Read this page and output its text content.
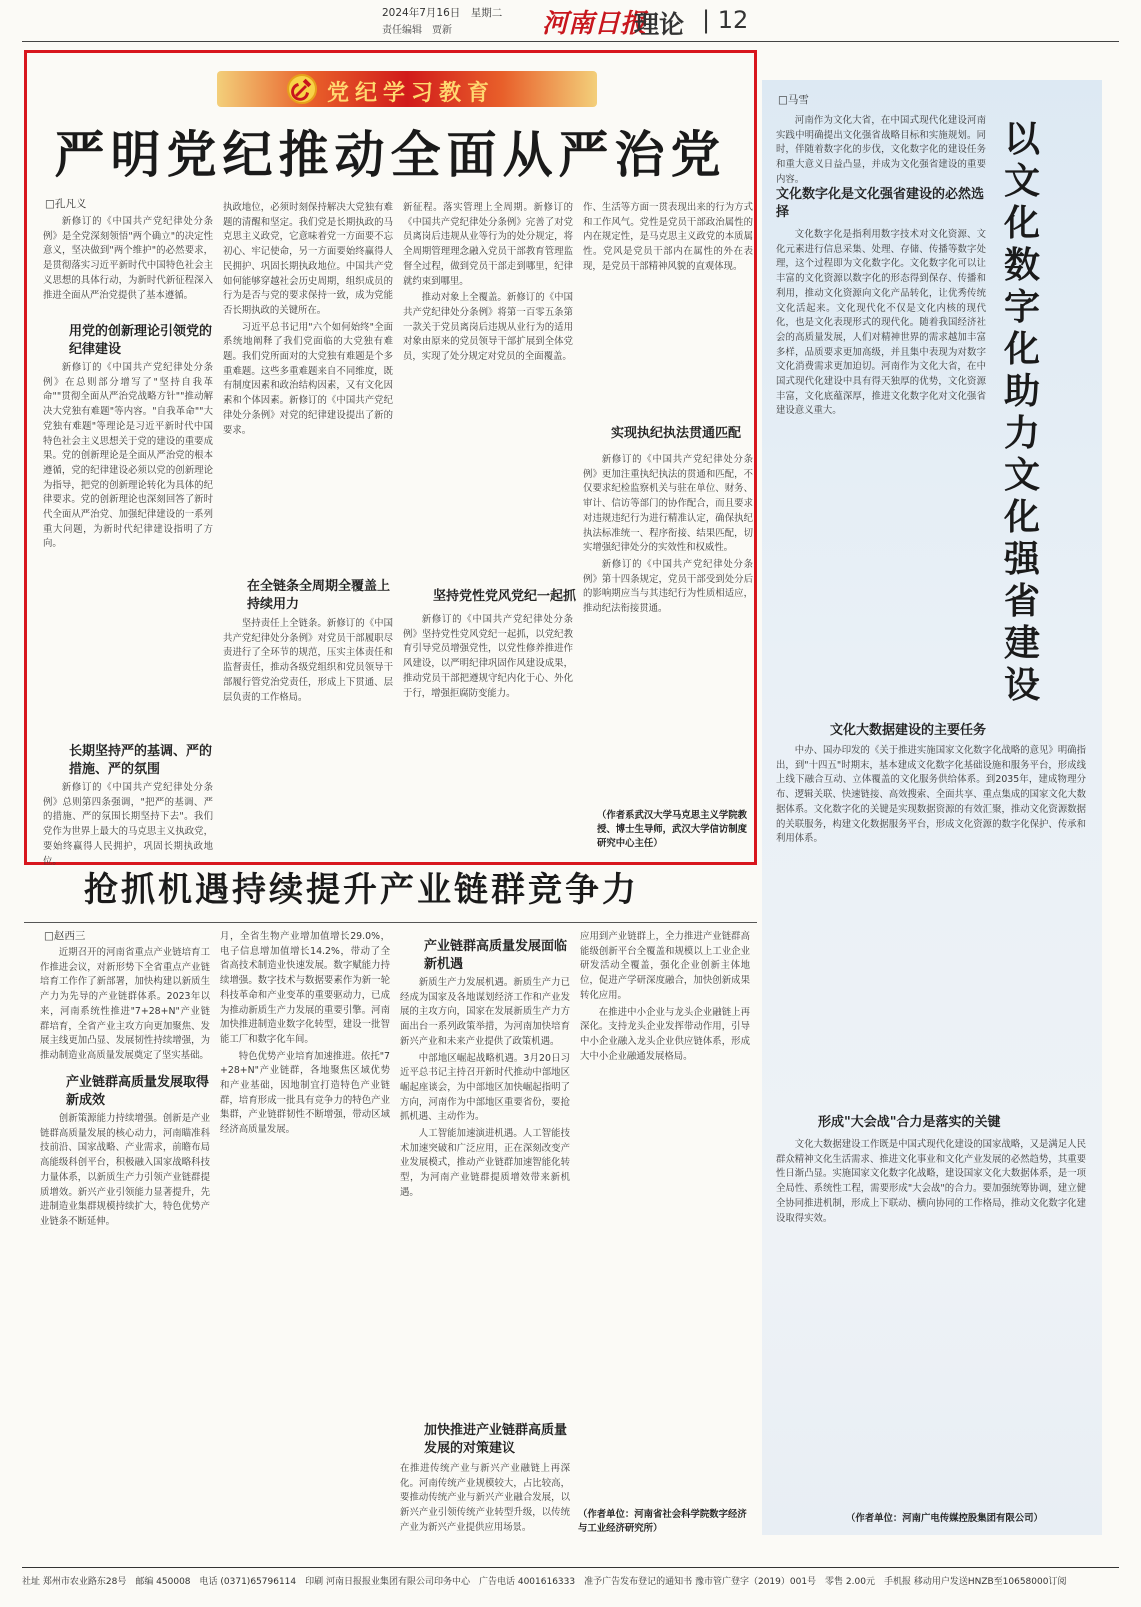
2024年7月16日　星期二
责任编辑　贾新	河南日报
理论 | 12
党纪学习教育
严明党纪推动全面从严治党
□孔凡义

新修订的《中国共产党纪律处分条例》是全党深刻领悟"两个确立"的决定性意义，坚决做到"两个维护"的必然要求，是贯彻落实习近平新时代中国特色社会主义思想的具体行动，为新时代新征程深入推进全面从严治党提供了基本遵循。

用党的创新理论引领党的纪律建设

新修订的《中国共产党纪律处分条例》在总则部分增写了"坚持自我革命""贯彻全面从严治党战略方针""推动解决大党独有难题"等内容。"自我革命""大党独有难题"等理论是习近平新时代中国特色社会主义思想关于党的建设的重要成果。党的创新理论是全面从严治党的根本遵循，党的纪律建设必须以党的创新理论为指导，把党的创新理论转化为具体的纪律要求。党的创新理论也深刻回答了新时代全面从严治党、加强纪律建设的一系列重大问题，为新时代纪律建设指明了方向。

长期坚持严的基调、严的措施、严的氛围

新修订的《中国共产党纪律处分条例》总则第四条强调，"把严的基调、严的措施、严的氛围长期坚持下去"。我们党作为世界上最大的马克思主义执政党，要始终赢得人民拥护，巩固长期执政地位。

执政地位，必须时刻保持解决大党独有难题的清醒和坚定。我们党是长期执政的马克思主义政党，它意味着党一方面要不忘初心、牢记使命，另一方面要始终赢得人民拥护、巩固长期执政地位。中国共产党如何能够穿越社会历史周期，组织成员的行为是否与党的要求保持一致，成为党能否长期执政的关键所在。

习近平总书记用"六个如何始终"全面系统地阐释了我们党面临的大党独有难题。我们党所面对的大党独有难题是个多重难题。这些多重难题来自不同维度，既有制度因素和政治结构因素，又有文化因素和个体因素。新修订的《中国共产党纪律处分条例》对党的纪律建设提出了新的要求。

在全链条全周期全覆盖上持续用力

坚持责任上全链条。新修订的《中国共产党纪律处分条例》对党员干部履职尽责进行了全环节的规范，压实主体责任和监督责任，推动各级党组织和党员领导干部履行管党治党责任，形成上下贯通、层层负责的工作格局。

新征程。落实管理上全周期。新修订的《中国共产党纪律处分条例》完善了对党员离岗后违规从业等行为的处分规定，将全周期管理理念融入党员干部教育管理监督全过程，做到党员干部走到哪里，纪律就约束到哪里。

推动对象上全覆盖。新修订的《中国共产党纪律处分条例》将第一百零五条第一款关于党员离岗后违规从业行为的适用对象由原来的党员领导干部扩展到全体党员，实现了处分规定对党员的全面覆盖。

坚持党性党风党纪一起抓

新修订的《中国共产党纪律处分条例》坚持党性党风党纪一起抓，以党纪教育引导党员增强党性，以党性修养推进作风建设，以严明纪律巩固作风建设成果，推动党员干部把遵规守纪内化于心、外化于行，增强拒腐防变能力。

作、生活等方面一贯表现出来的行为方式和工作风气。党性是党员干部政治属性的内在规定性，是马克思主义政党的本质属性。党风是党员干部内在属性的外在表现，是党员干部精神风貌的直观体现。

实现执纪执法贯通匹配

新修订的《中国共产党纪律处分条例》更加注重执纪执法的贯通和匹配，不仅要求纪检监察机关与驻在单位、财务、审计、信访等部门的协作配合，而且要求对违规违纪行为进行精准认定，确保执纪执法标准统一、程序衔接、结果匹配，切实增强纪律处分的实效性和权威性。

新修订的《中国共产党纪律处分条例》第十四条规定，党员干部受到处分后的影响期应当与其违纪行为性质相适应，推动纪法衔接贯通。

（作者系武汉大学马克思主义学院教授、博士生导师，武汉大学信访制度研究中心主任）
抢抓机遇持续提升产业链群竞争力
□赵西三

近期召开的河南省重点产业链培育工作推进会议，对新形势下全省重点产业链培育工作作了新部署，加快构建以新质生产力为先导的产业链群体系。2023年以来，河南系统性推进"7+28+N"产业链群培育，全省产业主攻方向更加聚焦、发展主线更加凸显、发展韧性持续增强，为推动制造业高质量发展奠定了坚实基础。

产业链群高质量发展取得新成效

创新策源能力持续增强。创新是产业链群高质量发展的核心动力，河南瞄准科技前沿、国家战略、产业需求，前瞻布局高能级科创平台，积极融入国家战略科技力量体系，以新质生产力引领产业链群提质增效。新兴产业引领能力显著提升，先进制造业集群规模持续扩大，特色优势产业链条不断延伸。

月，全省生物产业增加值增长29.0%，电子信息增加值增长14.2%，带动了全省高技术制造业快速发展。数字赋能力持续增强。数字技术与数据要素作为新一轮科技革命和产业变革的重要驱动力，已成为推动新质生产力发展的重要引擎。河南加快推进制造业数字化转型，建设一批智能工厂和数字化车间。

特色优势产业培育加速推进。依托"7+28+N"产业链群，各地聚焦区域优势和产业基础，因地制宜打造特色产业链群，培育形成一批具有竞争力的特色产业集群，产业链群韧性不断增强，带动区域经济高质量发展。

产业链群高质量发展面临新机遇

新质生产力发展机遇。新质生产力已经成为国家及各地谋划经济工作和产业发展的主攻方向，国家在发展新质生产力方面出台一系列政策举措，为河南加快培育新兴产业和未来产业提供了政策机遇。

中部地区崛起战略机遇。3月20日习近平总书记主持召开新时代推动中部地区崛起座谈会，为中部地区加快崛起指明了方向，河南作为中部地区重要省份，要抢抓机遇、主动作为。

人工智能加速演进机遇。人工智能技术加速突破和广泛应用，正在深刻改变产业发展模式，推动产业链群加速智能化转型，为河南产业链群提质增效带来新机遇。

加快推进产业链群高质量发展的对策建议

在推进传统产业与新兴产业融链上再深化。河南传统产业规模较大，占比较高，要推动传统产业与新兴产业融合发展，以新兴产业引领传统产业转型升级，以传统产业为新兴产业提供应用场景。

应用到产业链群上，全力推进产业链群高能级创新平台全覆盖和规模以上工业企业研发活动全覆盖，强化企业创新主体地位，促进产学研深度融合，加快创新成果转化应用。

在推进中小企业与龙头企业融链上再深化。支持龙头企业发挥带动作用，引导中小企业融入龙头企业供应链体系，形成大中小企业融通发展格局。

（作者单位：河南省社会科学院数字经济与工业经济研究所）
□马雪
以
文
化
数
字
化
助
力
文
化
强
省
建
设

河南作为文化大省，在中国式现代化建设河南实践中明确提出文化强省战略目标和实施规划。同时，伴随着数字化的步伐，文化数字化的建设任务和重大意义日益凸显，并成为文化强省建设的重要内容。

文化数字化是文化强省建设的必然选择

文化数字化是指利用数字技术对文化资源、文化元素进行信息采集、处理、存储、传播等数字处理，这个过程即为文化数字化。文化数字化可以让丰富的文化资源以数字化的形态得到保存、传播和利用，推动文化资源向文化产品转化，让优秀传统文化活起来。文化现代化不仅是文化内核的现代化，也是文化表现形式的现代化。随着我国经济社会的高质量发展，人们对精神世界的需求越加丰富多样，品质要求更加高级，并且集中表现为对数字文化消费需求更加迫切。河南作为文化大省，在中国式现代化建设中具有得天独厚的优势，文化资源丰富，文化底蕴深厚，推进文化数字化对文化强省建设意义重大。

文化大数据建设的主要任务

中办、国办印发的《关于推进实施国家文化数字化战略的意见》明确指出，到"十四五"时期末，基本建成文化数字化基础设施和服务平台，形成线上线下融合互动、立体覆盖的文化服务供给体系。到2035年，建成物理分布、逻辑关联、快速链接、高效搜索、全面共享、重点集成的国家文化大数据体系。文化数字化的关键是实现数据资源的有效汇聚，推动文化资源数据的关联服务，构建文化数据服务平台，形成文化资源的数字化保护、传承和利用体系。

形成"大会战"合力是落实的关键

文化大数据建设工作既是中国式现代化建设的国家战略，又是满足人民群众精神文化生活需求、推进文化事业和文化产业发展的必然趋势，其重要性日渐凸显。实施国家文化数字化战略，建设国家文化大数据体系，是一项全局性、系统性工程，需要形成"大会战"的合力。要加强统筹协调，建立健全协同推进机制，形成上下联动、横向协同的工作格局，推动文化数字化建设取得实效。

（作者单位：河南广电传媒控股集团有限公司）
社址 郑州市农业路东28号　邮编 450008　电话 (0371)65796114　印刷 河南日报报业集团有限公司印务中心　广告电话 4001616333　准予广告发布登记的通知书 豫市管广登字（2019）001号　零售 2.00元　手机报 移动用户发送HNZB至10658000订阅
